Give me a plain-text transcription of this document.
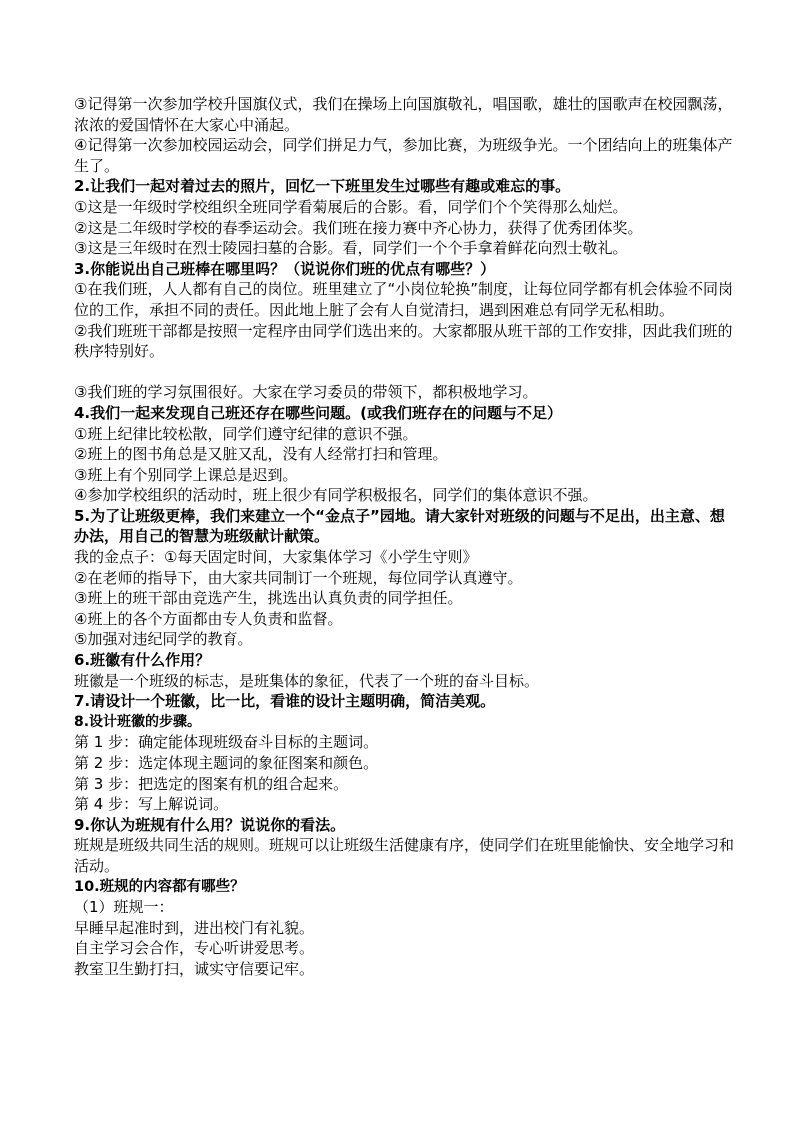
③记得第一次参加学校升国旗仪式，我们在操场上向国旗敬礼，唱国歌，雄壮的国歌声在校园飘荡，浓浓的爱国情怀在大家心中涌起。
④记得第一次参加校园运动会，同学们拼足力气，参加比赛，为班级争光。一个团结向上的班集体产生了。
2.让我们一起对着过去的照片，回忆一下班里发生过哪些有趣或难忘的事。
①这是一年级时学校组织全班同学看菊展后的合影。看，同学们个个笑得那么灿烂。
②这是二年级时学校的春季运动会。我们班在接力赛中齐心协力，获得了优秀团体奖。
③这是三年级时在烈士陵园扫墓的合影。看，同学们一个个手拿着鲜花向烈士敬礼。
3.你能说出自己班棒在哪里吗？（说说你们班的优点有哪些？）
①在我们班，人人都有自己的岗位。班里建立了“小岗位轮换”制度，让每位同学都有机会体验不同岗位的工作，承担不同的责任。因此地上脏了会有人自觉清扫，遇到困难总有同学无私相助。
②我们班班干部都是按照一定程序由同学们选出来的。大家都服从班干部的工作安排，因此我们班的秩序特别好。
③我们班的学习氛围很好。大家在学习委员的带领下，都积极地学习。
4.我们一起来发现自己班还存在哪些问题。(或我们班存在的问题与不足）
①班上纪律比较松散，同学们遵守纪律的意识不强。
②班上的图书角总是又脏又乱，没有人经常打扫和管理。
③班上有个别同学上课总是迟到。
④参加学校组织的活动时，班上很少有同学积极报名，同学们的集体意识不强。
5.为了让班级更棒，我们来建立一个“金点子”园地。请大家针对班级的问题与不足出，出主意、想办法，用自己的智慧为班级献计献策。
我的金点子：①每天固定时间，大家集体学习《小学生守则》
②在老师的指导下，由大家共同制订一个班规，每位同学认真遵守。
③班上的班干部由竞选产生，挑选出认真负责的同学担任。
④班上的各个方面都由专人负责和监督。
⑤加强对违纪同学的教育。
6.班徽有什么作用？
班徽是一个班级的标志，是班集体的象征，代表了一个班的奋斗目标。
7.请设计一个班徽，比一比，看谁的设计主题明确，简洁美观。
8.设计班徽的步骤。
第 1 步：确定能体现班级奋斗目标的主题词。
第 2 步：选定体现主题词的象征图案和颜色。
第 3 步：把选定的图案有机的组合起来。
第 4 步：写上解说词。
9.你认为班规有什么用？说说你的看法。
班规是班级共同生活的规则。班规可以让班级生活健康有序，使同学们在班里能愉快、安全地学习和活动。
10.班规的内容都有哪些？
（1）班规一：
早睡早起准时到，进出校门有礼貌。
自主学习会合作，专心听讲爱思考。
教室卫生勤打扫，诚实守信要记牢。
